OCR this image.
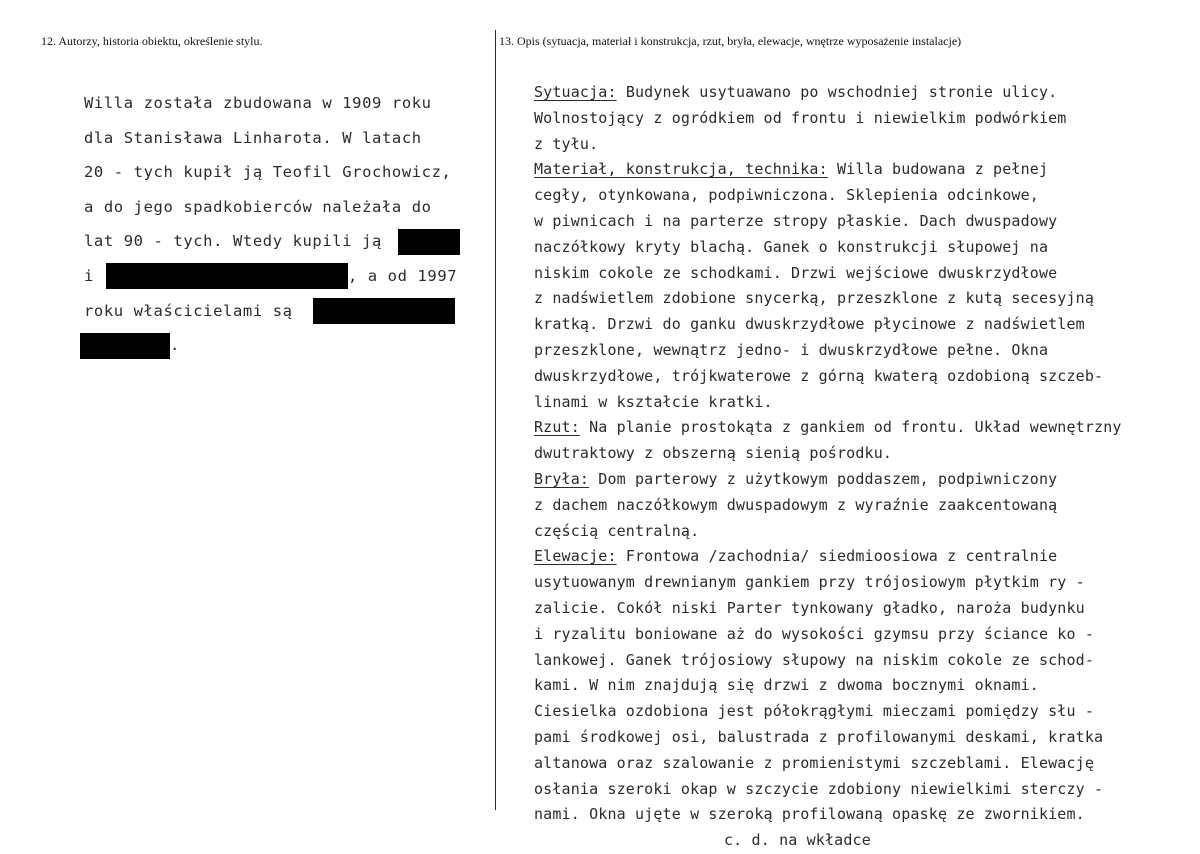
12. Autorzy, historia obiektu, określenie stylu.	13. Opis (sytuacja, materiał i konstrukcja, rzut, bryła, elewacje, wnętrze wyposażenie instalacje)
Willa została zbudowana w 1909 roku
dla Stanisława Linharota. W latach
20 - tych kupił ją Teofil Grochowicz,
a do jego spadkobierców należała do
lat 90 - tych. Wtedy kupili ją
i	, a od 1997
roku właścicielami są
.
Sytuacja: Budynek usytuawano po wschodniej stronie ulicy.
Wolnostojący z ogródkiem od frontu i niewielkim podwórkiem
z tyłu.
Materiał, konstrukcja, technika: Willa budowana z pełnej
cegły, otynkowana, podpiwniczona. Sklepienia odcinkowe,
w piwnicach i na parterze stropy płaskie. Dach dwuspadowy
naczółkowy kryty blachą. Ganek o konstrukcji słupowej na
niskim cokole ze schodkami. Drzwi wejściowe dwuskrzydłowe
z nadświetlem zdobione snycerką, przeszklone z kutą secesyjną
kratką. Drzwi do ganku dwuskrzydłowe płycinowe z nadświetlem
przeszklone, wewnątrz jedno- i dwuskrzydłowe pełne. Okna
dwuskrzydłowe, trójkwaterowe z górną kwaterą ozdobioną szczeb-
linami w kształcie kratki.
Rzut: Na planie prostokąta z gankiem od frontu. Układ wewnętrzny
dwutraktowy z obszerną sienią pośrodku.
Bryła: Dom parterowy z użytkowym poddaszem, podpiwniczony
z dachem naczółkowym dwuspadowym z wyraźnie zaakcentowaną
częścią centralną.
Elewacje: Frontowa /zachodnia/ siedmioosiowa z centralnie
usytuowanym drewnianym gankiem przy trójosiowym płytkim ry -
zalicie. Cokół niski Parter tynkowany gładko, naroża budynku
i ryzalitu boniowane aż do wysokości gzymsu przy ściance ko -
lankowej. Ganek trójosiowy słupowy na niskim cokole ze schod-
kami. W nim znajdują się drzwi z dwoma bocznymi oknami.
Ciesielka ozdobiona jest półokrągłymi mieczami pomiędzy słu -
pami środkowej osi, balustrada z profilowanymi deskami, kratka
altanowa oraz szalowanie z promienistymi szczeblami. Elewację
osłania szeroki okap w szczycie zdobiony niewielkimi sterczy -
nami. Okna ujęte w szeroką profilowaną opaskę ze zwornikiem.
c. d. na wkładce
